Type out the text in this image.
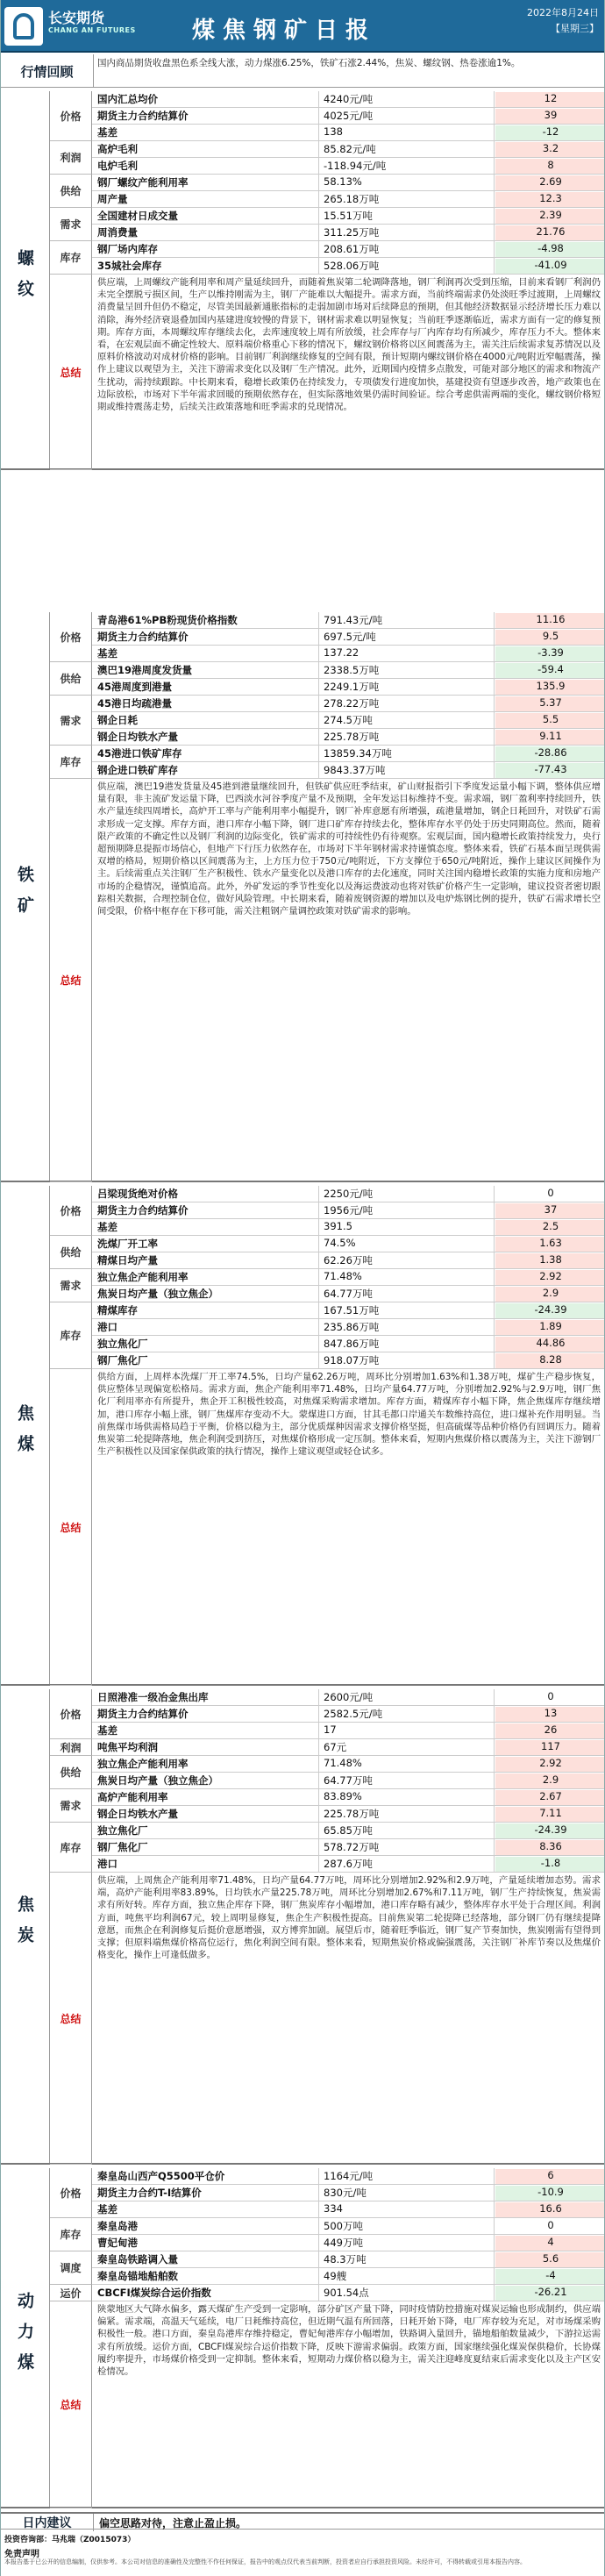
长安期货
CHANG AN FUTURES 煤焦钢矿日报
2022年8月24日
【星期三】
行情回顾
国内商品期货收盘黑色系全线大涨，动力煤涨6.25%，铁矿石涨2.44%，焦炭、螺纹钢、热卷涨逾1%。
螺纹
价格
国内汇总均价	4240元/吨	12
期货主力合约结算价	4025元/吨	39
基差	138	-12
利润
高炉毛利	85.82元/吨	3.2
电炉毛利	-118.94元/吨	8
供给
钢厂螺纹产能利用率	58.13%	2.69
周产量	265.18万吨	12.3
需求
全国建材日成交量	15.51万吨	2.39
周消费量	311.25万吨	21.76
库存
钢厂场内库存	208.61万吨	-4.98
35城社会库存	528.06万吨	-41.09
总结
供应端，上周螺纹产能利用率和周产量延续回升，而随着焦炭第二轮调降落地，钢厂利润再次受到压缩，目前来看钢厂利润仍未完全摆脱亏损区间，生产以维持刚需为主，钢厂产能难以大幅提升。需求方面，当前终端需求仍处淡旺季过渡期，上周螺纹消费量呈回升但仍不稳定，尽管美国最新通胀指标的走弱加剧市场对后续降息的预期，但其他经济数据显示经济增长压力难以消除，海外经济衰退叠加国内基建进度较慢的背景下，钢材需求难以明显恢复；当前旺季逐渐临近，需求方面有一定的修复预期。库存方面，本周螺纹库存继续去化，去库速度较上周有所放缓，社会库存与厂内库存均有所减少，库存压力不大。整体来看，在宏观层面不确定性较大、原料端价格重心下移的情况下，螺纹钢价格将以区间震荡为主，需关注后续需求复苏情况以及原料价格波动对成材价格的影响。目前钢厂利润继续修复的空间有限，预计短期内螺纹钢价格在4000元/吨附近窄幅震荡，操作上建议以观望为主，关注下游需求变化以及钢厂生产情况。此外，近期国内疫情多点散发，可能对部分地区的需求和物流产生扰动，需持续跟踪。中长期来看，稳增长政策仍在持续发力，专项债发行进度加快，基建投资有望逐步改善，地产政策也在边际放松，市场对下半年需求回暖的预期依然存在，但实际落地效果仍需时间验证。综合考虑供需两端的变化，螺纹钢价格短期或维持震荡走势，后续关注政策落地和旺季需求的兑现情况。
铁矿
价格
青岛港61%PB粉现货价格指数	791.43元/吨	11.16
期货主力合约结算价	697.5元/吨	9.5
基差	137.22	-3.39
供给
澳巴19港周度发货量	2338.5万吨	-59.4
45港周度到港量	2249.1万吨	135.9
需求
45港日均疏港量	278.22万吨	5.37
钢企日耗	274.5万吨	5.5
钢企日均铁水产量	225.78万吨	9.11
库存
45港进口铁矿库存	13859.34万吨	-28.86
钢企进口铁矿库存	9843.37万吨	-77.43
总结
供应端，澳巴19港发货量及45港到港量继续回升，但铁矿供应旺季结束，矿山财报指引下季度发运量小幅下调，整体供应增量有限，非主流矿发运量下降，巴西淡水河谷季度产量不及预期，全年发运目标维持不变。需求端，钢厂盈利率持续回升，铁水产量连续四周增长，高炉开工率与产能利用率小幅提升，钢厂补库意愿有所增强，疏港量增加，钢企日耗回升，对铁矿石需求形成一定支撑。库存方面，港口库存小幅下降，钢厂进口矿库存持续去化，整体库存水平仍处于历史同期高位。然而，随着限产政策的不确定性以及钢厂利润的边际变化，铁矿需求的可持续性仍有待观察。宏观层面，国内稳增长政策持续发力，央行超预期降息提振市场信心，但地产下行压力依然存在，市场对下半年钢材需求持谨慎态度。整体来看，铁矿石基本面呈现供需双增的格局，短期价格以区间震荡为主，上方压力位于750元/吨附近，下方支撑位于650元/吨附近，操作上建议区间操作为主。后续需重点关注钢厂生产积极性、铁水产量变化以及港口库存的去化速度，同时关注国内稳增长政策的实施力度和房地产市场的企稳情况，谨慎追高。此外，外矿发运的季节性变化以及海运费波动也将对铁矿价格产生一定影响，建议投资者密切跟踪相关数据，合理控制仓位，做好风险管理。中长期来看，随着废钢资源的增加以及电炉炼钢比例的提升，铁矿石需求增长空间受限，价格中枢存在下移可能，需关注粗钢产量调控政策对铁矿需求的影响。
焦煤
价格
吕梁现货绝对价格	2250元/吨	0
期货主力合约结算价	1956元/吨	37
基差	391.5	2.5
供给
洗煤厂开工率	74.5%	1.63
精煤日均产量	62.26万吨	1.38
需求
独立焦企产能利用率	71.48%	2.92
焦炭日均产量（独立焦企）	64.77万吨	2.9
库存
精煤库存	167.51万吨	-24.39
港口	235.86万吨	1.89
独立焦化厂	847.86万吨	44.86
钢厂焦化厂	918.07万吨	8.28
总结
供给方面，上周样本洗煤厂开工率74.5%，日均产量62.26万吨，周环比分别增加1.63%和1.38万吨，煤矿生产稳步恢复，供应整体呈现偏宽松格局。需求方面，焦企产能利用率71.48%，日均产量64.77万吨，分别增加2.92%与2.9万吨，钢厂焦化厂利用率亦有所提升，焦企开工积极性较高，对焦煤采购需求增加。库存方面，精煤库存小幅下降，焦企焦煤库存继续增加，港口库存小幅上涨，钢厂焦煤库存变动不大。蒙煤进口方面，甘其毛都口岸通关车数维持高位，进口煤补充作用明显。当前焦煤市场供需格局趋于平衡，价格以稳为主，部分优质煤种因需求支撑价格坚挺，但高硫煤等品种价格仍有回调压力。随着焦炭第二轮提降落地，焦企利润受到挤压，对焦煤价格形成一定压制。整体来看，短期内焦煤价格以震荡为主，关注下游钢厂生产积极性以及国家保供政策的执行情况，操作上建议观望或轻仓试多。
焦炭
价格
日照港准一级冶金焦出库	2600元/吨	0
期货主力合约结算价	2582.5元/吨	13
基差	17	26
利润	吨焦平均利润	67元	117
供给
独立焦企产能利用率	71.48%	2.92
焦炭日均产量（独立焦企）	64.77万吨	2.9
需求
高炉产能利用率	83.89%	2.67
钢企日均铁水产量	225.78万吨	7.11
库存
独立焦化厂	65.85万吨	-24.39
钢厂焦化厂	578.72万吨	8.36
港口	287.6万吨	-1.8
总结
供应端，上周焦企产能利用率71.48%，日均产量64.77万吨，周环比分别增加2.92%和2.9万吨，产量延续增加态势。需求端，高炉产能利用率83.89%，日均铁水产量225.78万吨，周环比分别增加2.67%和7.11万吨，钢厂生产持续恢复，焦炭需求有所好转。库存方面，独立焦企库存下降，钢厂焦炭库存小幅增加，港口库存略有减少，整体库存水平处于合理区间。利润方面，吨焦平均利润67元，较上周明显修复，焦企生产积极性提高。目前焦炭第二轮提降已经落地，部分钢厂仍有继续提降意愿，而焦企在利润修复后挺价意愿增强，双方博弈加剧。展望后市，随着旺季临近，钢厂复产节奏加快，焦炭刚需有望得到支撑；但原料端焦煤价格高位运行，焦化利润空间有限。整体来看，短期焦炭价格或偏强震荡，关注钢厂补库节奏以及焦煤价格变化，操作上可逢低做多。
动力煤
价格
秦皇岛山西产Q5500平仓价	1164元/吨	6
期货主力合约T-I结算价	830元/吨	-10.9
基差	334	16.6
库存
秦皇岛港	500万吨	0
曹妃甸港	449万吨	4
调度
秦皇岛铁路调入量	48.3万吨	5.6
秦皇岛锚地船舶数	49艘	-4
运价	CBCFI煤炭综合运价指数	901.54点	-26.21
总结
陕蒙地区大气降水偏多，露天煤矿生产受到一定影响，部分矿区产量下降，同时疫情防控措施对煤炭运输也形成制约，供应端偏紧。需求端，高温天气延续，电厂日耗维持高位，但近期气温有所回落，日耗开始下降，电厂库存较为充足，对市场煤采购积极性一般。港口方面，秦皇岛港库存维持稳定，曹妃甸港库存小幅增加，铁路调入量回升，锚地船舶数量减少，下游拉运需求有所放缓。运价方面，CBCFI煤炭综合运价指数下降，反映下游需求偏弱。政策方面，国家继续强化煤炭保供稳价，长协煤履约率提升，市场煤价格受到一定抑制。整体来看，短期动力煤价格以稳为主，需关注迎峰度夏结束后需求变化以及主产区安检情况。
日内建议	偏空思路对待，注意止盈止损。
投资咨询部：马兆瑞（Z0015073）
免责声明
本报告基于已公开的信息编制，仅供参考。本公司对信息的准确性及完整性不作任何保证，报告中的观点仅代表当前判断，投资者应自行承担投资风险。未经许可，不得转载或引用本报告内容。
